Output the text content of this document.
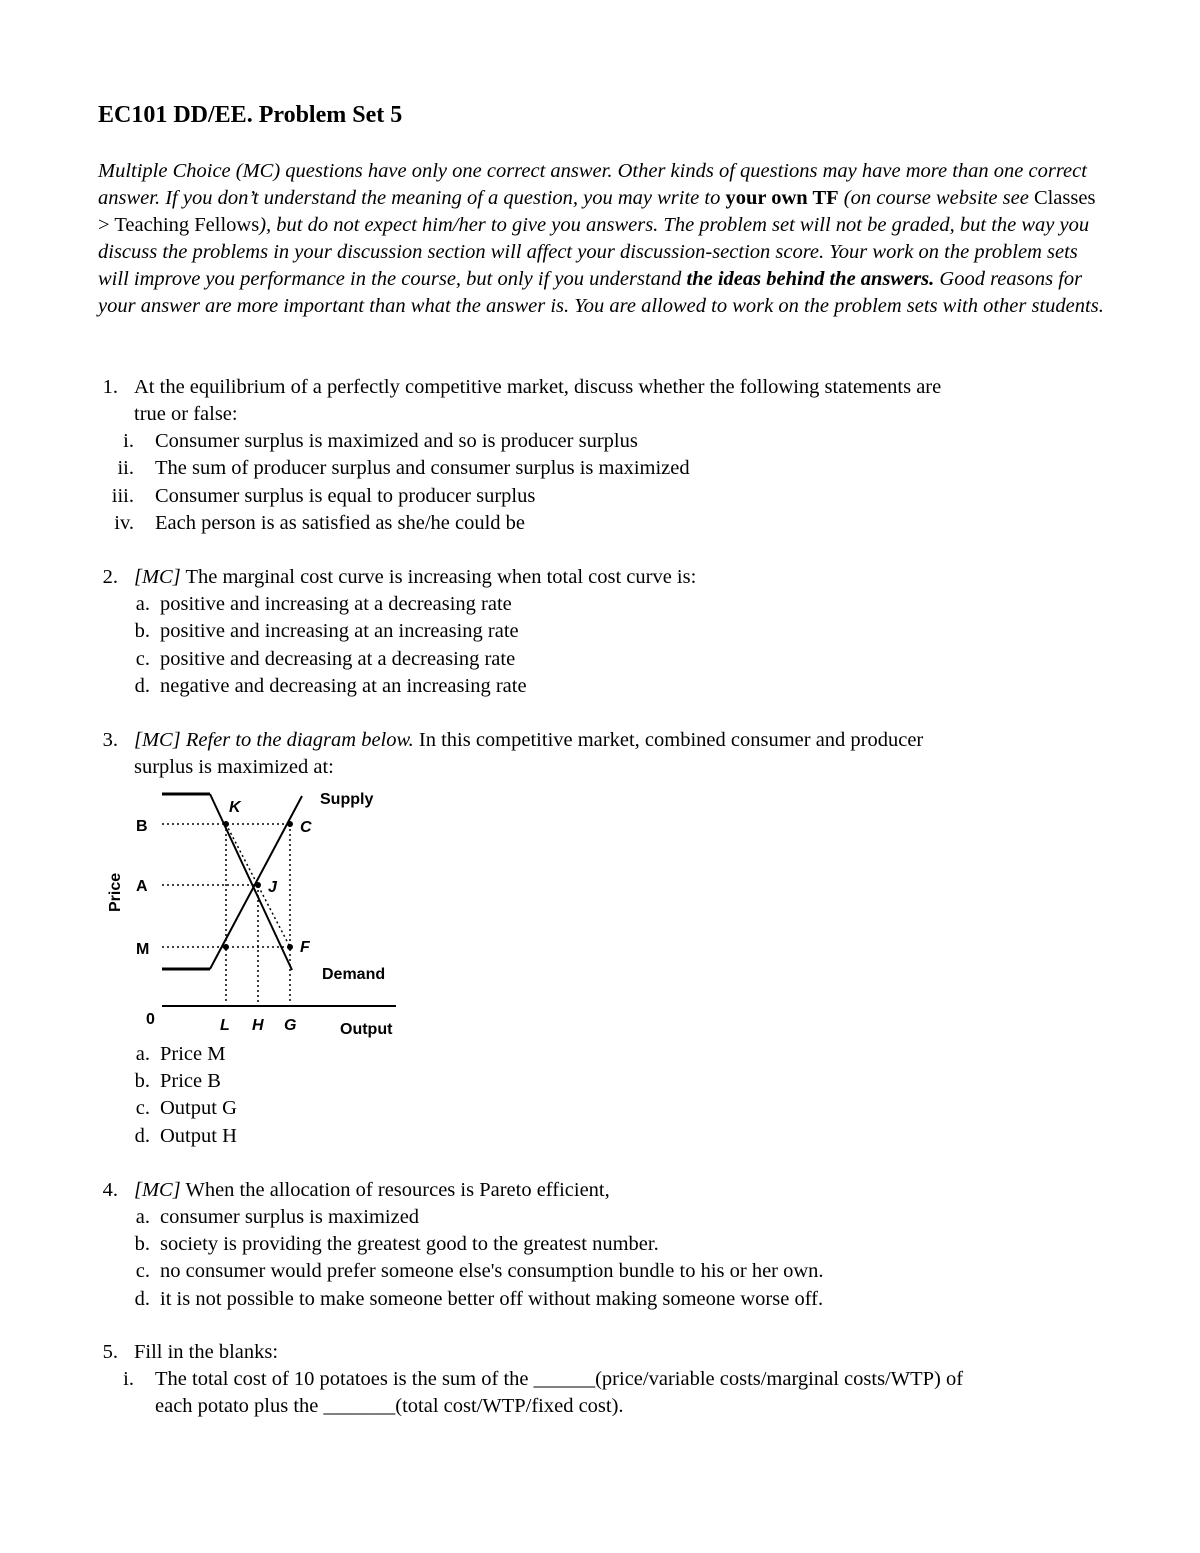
EC101 DD/EE. Problem Set 5
Multiple Choice (MC) questions have only one correct answer. Other kinds of questions may have more than one correct answer. If you don’t understand the meaning of a question, you may write to your own TF (on course website see Classes > Teaching Fellows), but do not expect him/her to give you answers. The problem set will not be graded, but the way you discuss the problems in your discussion section will affect your discussion-section score. Your work on the problem sets will improve you performance in the course, but only if you understand the ideas behind the answers. Good reasons for your answer are more important than what the answer is. You are allowed to work on the problem sets with other students.
1. At the equilibrium of a perfectly competitive market, discuss whether the following statements are
true or false:
i. Consumer surplus is maximized and so is producer surplus
ii. The sum of producer surplus and consumer surplus is maximized
iii. Consumer surplus is equal to producer surplus
iv. Each person is as satisfied as she/he could be
2. [MC] The marginal cost curve is increasing when total cost curve is:
a. positive and increasing at a decreasing rate
b. positive and increasing at an increasing rate
c. positive and decreasing at a decreasing rate
d. negative and decreasing at an increasing rate
3. [MC] Refer to the diagram below. In this competitive market, combined consumer and producer
surplus is maximized at:
Price
B
A
M
0	L H G	Output
Supply
Demand
K
C
J
F
a. Price M
b. Price B
c. Output G
d. Output H
4. [MC] When the allocation of resources is Pareto efficient,
a. consumer surplus is maximized
b. society is providing the greatest good to the greatest number.
c. no consumer would prefer someone else's consumption bundle to his or her own.
d. it is not possible to make someone better off without making someone worse off.
5. Fill in the blanks:
i. The total cost of 10 potatoes is the sum of the ______(price/variable costs/marginal costs/WTP) of
each potato plus the _______(total cost/WTP/fixed cost).
